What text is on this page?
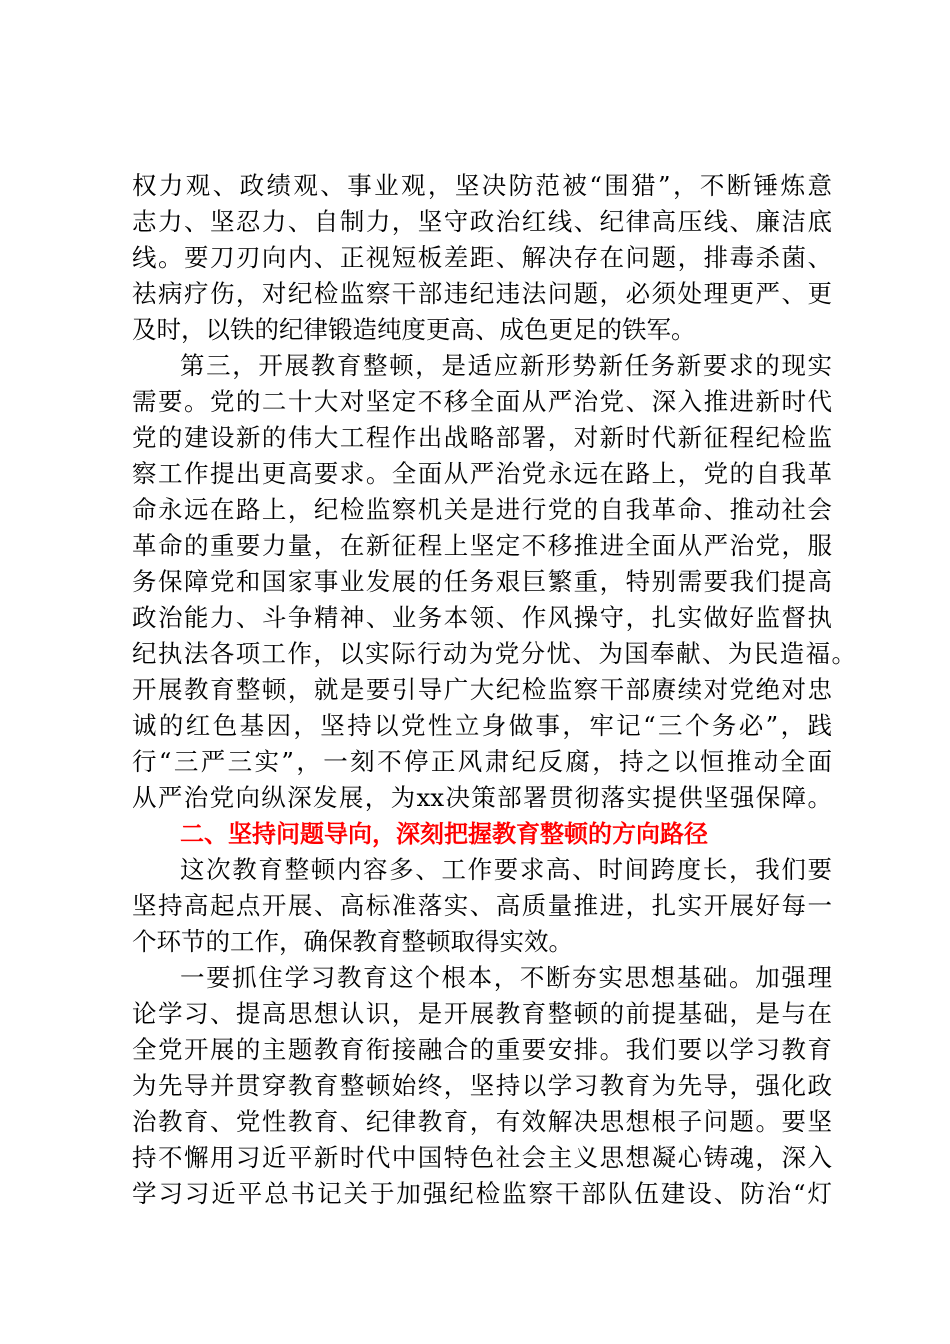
权力观、政绩观、事业观，坚决防范被“围猎”，不断锤炼意
志力、坚忍力、自制力，坚守政治红线、纪律高压线、廉洁底
线。要刀刃向内、正视短板差距、解决存在问题，排毒杀菌、
祛病疗伤，对纪检监察干部违纪违法问题，必须处理更严、更
及时，以铁的纪律锻造纯度更高、成色更足的铁军。
第三，开展教育整顿，是适应新形势新任务新要求的现实
需要。党的二十大对坚定不移全面从严治党、深入推进新时代
党的建设新的伟大工程作出战略部署，对新时代新征程纪检监
察工作提出更高要求。全面从严治党永远在路上，党的自我革
命永远在路上，纪检监察机关是进行党的自我革命、推动社会
革命的重要力量，在新征程上坚定不移推进全面从严治党，服
务保障党和国家事业发展的任务艰巨繁重，特别需要我们提高
政治能力、斗争精神、业务本领、作风操守，扎实做好监督执
纪执法各项工作，以实际行动为党分忧、为国奉献、为民造福。
开展教育整顿，就是要引导广大纪检监察干部赓续对党绝对忠
诚的红色基因，坚持以党性立身做事，牢记“三个务必”，践
行“三严三实”，一刻不停正风肃纪反腐，持之以恒推动全面
从严治党向纵深发展，为xx决策部署贯彻落实提供坚强保障。
二、坚持问题导向，深刻把握教育整顿的方向路径
这次教育整顿内容多、工作要求高、时间跨度长，我们要
坚持高起点开展、高标准落实、高质量推进，扎实开展好每一
个环节的工作，确保教育整顿取得实效。
一要抓住学习教育这个根本，不断夯实思想基础。加强理
论学习、提高思想认识，是开展教育整顿的前提基础，是与在
全党开展的主题教育衔接融合的重要安排。我们要以学习教育
为先导并贯穿教育整顿始终，坚持以学习教育为先导，强化政
治教育、党性教育、纪律教育，有效解决思想根子问题。要坚
持不懈用习近平新时代中国特色社会主义思想凝心铸魂，深入
学习习近平总书记关于加强纪检监察干部队伍建设、防治“灯
